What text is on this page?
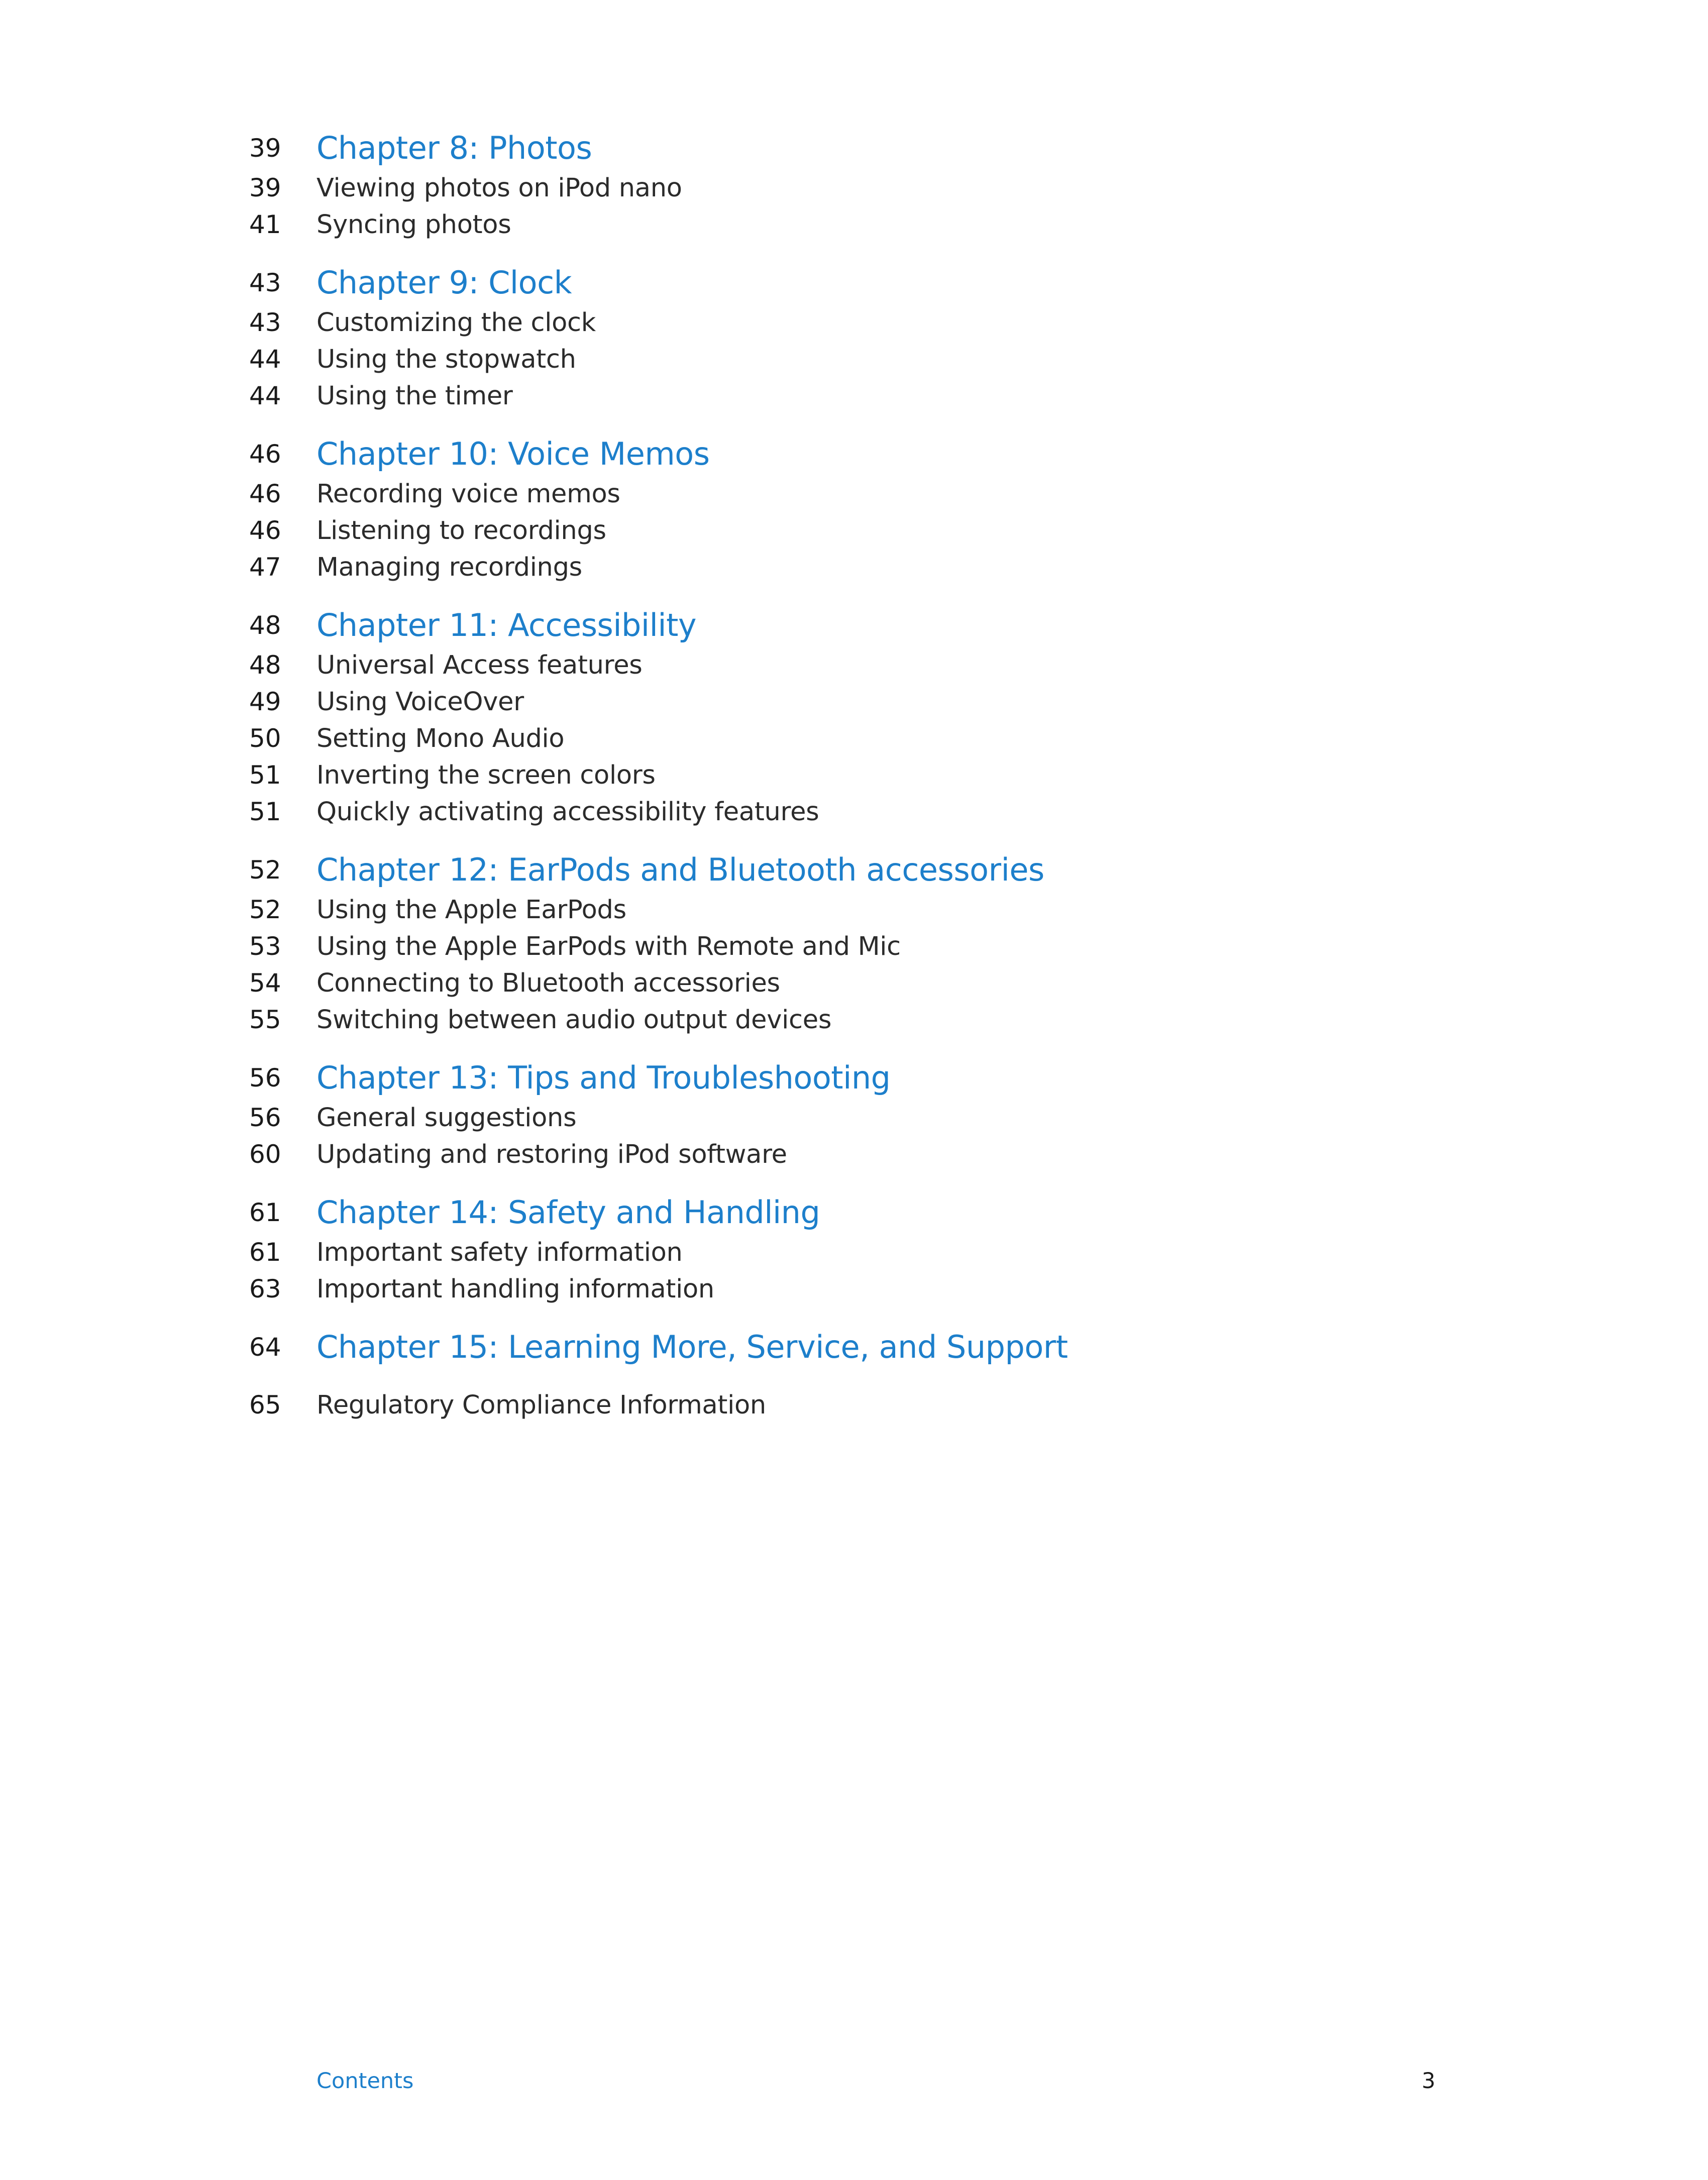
39 Chapter 8: Photos
39 Viewing photos on iPod nano
41 Syncing photos
43 Chapter 9: Clock
43 Customizing the clock
44 Using the stopwatch
44 Using the timer
46 Chapter 10: Voice Memos
46 Recording voice memos
46 Listening to recordings
47 Managing recordings
48 Chapter 11: Accessibility
48 Universal Access features
49 Using VoiceOver
50 Setting Mono Audio
51 Inverting the screen colors
51 Quickly activating accessibility features
52 Chapter 12: EarPods and Bluetooth accessories
52 Using the Apple EarPods
53 Using the Apple EarPods with Remote and Mic
54 Connecting to Bluetooth accessories
55 Switching between audio output devices
56 Chapter 13: Tips and Troubleshooting
56 General suggestions
60 Updating and restoring iPod software
61 Chapter 14: Safety and Handling
61 Important safety information
63 Important handling information
64 Chapter 15: Learning More, Service, and Support
65 Regulatory Compliance Information
Contents	3
